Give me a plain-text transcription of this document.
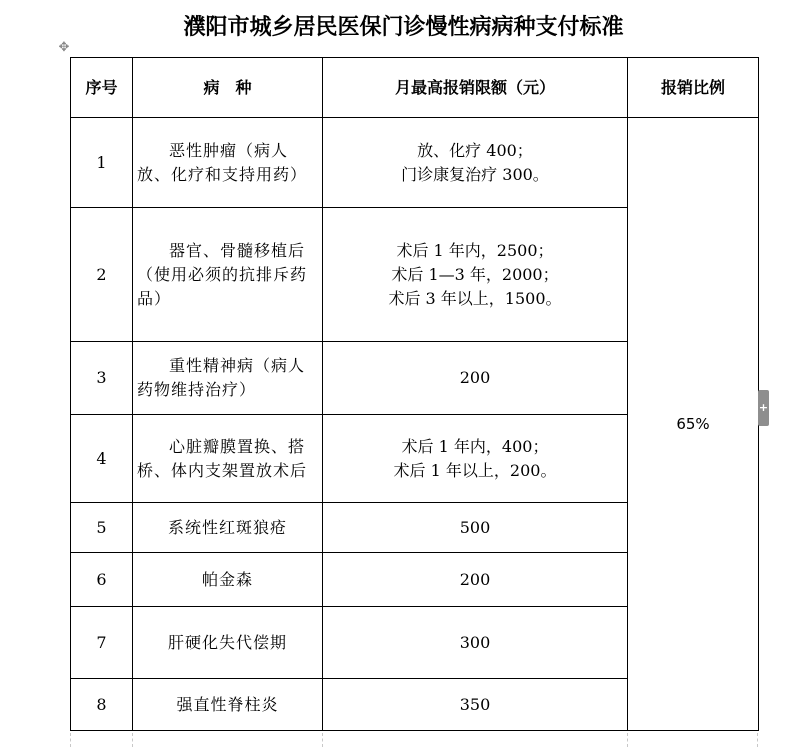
濮阳市城乡居民医保门诊慢性病病种支付标准
✥
序号	病　种	月最高报销限额（元）	报销比例
1	恶性肿瘤（病人放、化疗和支持用药）	放、化疗 400；
门诊康复治疗 300。	65%

2	器官、骨髓移植后（使用必须的抗排斥药品）	术后 1 年内，2500；
术后 1—3 年，2000；
术后 3 年以上，1500。	

3	重性精神病（病人药物维持治疗）	200	

4	心脏瓣膜置换、搭桥、体内支架置放术后	术后 1 年内，400；
术后 1 年以上，200。	

5	系统性红斑狼疮	500	

6	帕金森	200	

7	肝硬化失代偿期	300	

8	强直性脊柱炎	350	
+
